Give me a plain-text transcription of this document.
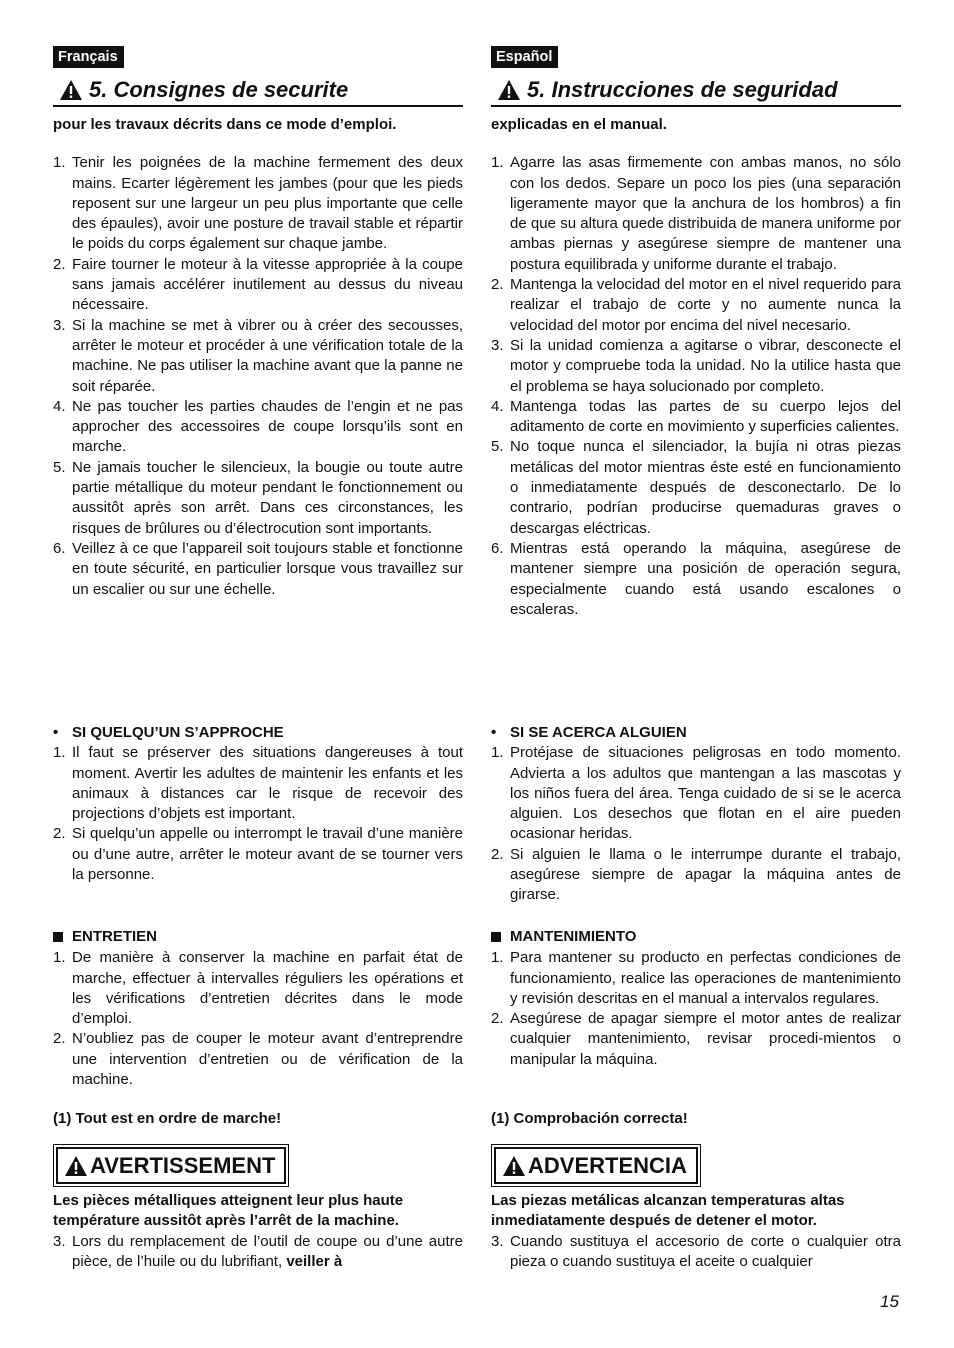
Français
5. Consignes de securite

pour les travaux décrits dans ce mode d’emploi.

1. Tenir les poignées de la machine fermement des deux mains. Ecarter légèrement les jambes (pour que les pieds reposent sur une largeur un peu plus importante que celle des épaules), avoir une posture de travail stable et répartir le poids du corps également sur chaque jambe.
2. Faire tourner le moteur à la vitesse appropriée à la coupe sans jamais accélérer inutilement au dessus du niveau nécessaire.
3. Si la machine se met à vibrer ou à créer des secousses, arrêter le moteur et procéder à une vérification totale de la machine. Ne pas utiliser la machine avant que la panne ne soit réparée.
4. Ne pas toucher les parties chaudes de l’engin et ne pas approcher des accessoires de coupe lorsqu’ils sont en marche.
5. Ne jamais toucher le silencieux, la bougie ou toute autre partie métallique du moteur pendant le fonctionnement ou aussitôt après son arrêt. Dans ces circonstances, les risques de brûlures ou d’électrocution sont importants.
6. Veillez à ce que l’appareil soit toujours stable et fonctionne en toute sécurité, en particulier lorsque vous travaillez sur un escalier ou sur une échelle.
• SI QUELQU’UN S’APPROCHE
1. Il faut se préserver des situations dangereuses à tout moment. Avertir les adultes de maintenir les enfants et les animaux à distances car le risque de recevoir des projections d’objets est important.
2. Si quelqu’un appelle ou interrompt le travail d’une manière ou d’une autre, arrêter le moteur avant de se tourner vers la personne.
ENTRETIEN
1. De manière à conserver la machine en parfait état de marche, effectuer à intervalles réguliers les opérations et les vérifications d’entretien décrites dans le mode d’emploi.
2. N’oubliez pas de couper le moteur avant d’entreprendre une intervention d’entretien ou de vérification de la machine.

(1) Tout est en ordre de marche!

AVERTISSEMENT

Les pièces métalliques atteignent leur plus haute température aussitôt après l’arrêt de la machine.

3. Lors du remplacement de l’outil de coupe ou d’une autre pièce, de l’huile ou du lubrifiant, veiller à
Español
5. Instrucciones de seguridad

explicadas en el manual.

1. Agarre las asas firmemente con ambas manos, no sólo con los dedos. Separe un poco los pies (una separación ligeramente mayor que la anchura de los hombros) a fin de que su altura quede distribuida de manera uniforme por ambas piernas y asegúrese siempre de mantener una postura equilibrada y uniforme durante el trabajo.
2. Mantenga la velocidad del motor en el nivel requerido para realizar el trabajo de corte y no aumente nunca la velocidad del motor por encima del nivel necesario.
3. Si la unidad comienza a agitarse o vibrar, desconecte el motor y compruebe toda la unidad. No la utilice hasta que el problema se haya solucionado por completo.
4. Mantenga todas las partes de su cuerpo lejos del aditamento de corte en movimiento y superficies calientes.
5. No toque nunca el silenciador, la bujía ni otras piezas metálicas del motor mientras éste esté en funcionamiento o inmediatamente después de desconectarlo. De lo contrario, podrían producirse quemaduras graves o descargas eléctricas.
6. Mientras está operando la máquina, asegúrese de mantener siempre una posición de operación segura, especialmente cuando está usando escalones o escaleras.
• SI SE ACERCA ALGUIEN
1. Protéjase de situaciones peligrosas en todo momento. Advierta a los adultos que mantengan a las mascotas y los niños fuera del área. Tenga cuidado de si se le acerca alguien. Los desechos que flotan en el aire pueden ocasionar heridas.
2. Si alguien le llama o le interrumpe durante el trabajo, asegúrese siempre de apagar la máquina antes de girarse.
MANTENIMIENTO
1. Para mantener su producto en perfectas condiciones de funcionamiento, realice las operaciones de mantenimiento y revisión descritas en el manual a intervalos regulares.
2. Asegúrese de apagar siempre el motor antes de realizar cualquier mantenimiento, revisar procedi-mientos o manipular la máquina.

(1) Comprobación correcta!

ADVERTENCIA

Las piezas metálicas alcanzan temperaturas altas inmediatamente después de detener el motor.

3. Cuando sustituya el accesorio de corte o cualquier otra pieza o cuando sustituya el aceite o cualquier
15
